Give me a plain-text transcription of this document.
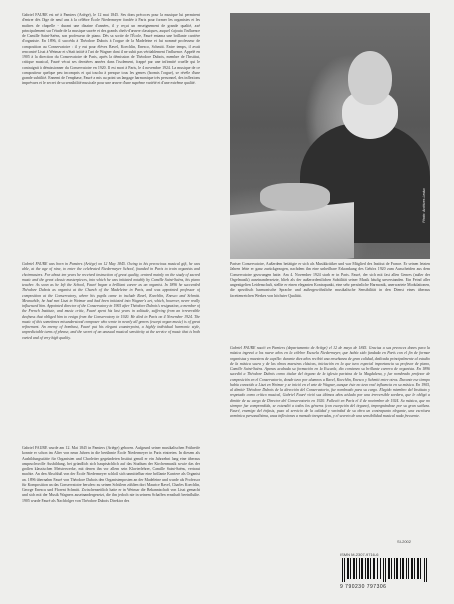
Gabriel FAURÉ est né à Pamiers (Ariège), le 12 mai 1845. Ses dons précoces pour la musique lui permirent d'entrer dès l'âge de neuf ans à la célèbre École Niedermeyer fondée à Paris pour former les organistes et les maîtres de chapelle - durant une dizaine d'années, il y reçut un enseignement de grande qualité, axé principalement sur l'étude de la musique sacrée et des grands chefs-d'œuvre classiques, auquel s'ajouta l'influence de Camille Saint-Saëns, son professeur de piano. Dès sa sortie de l'École, Fauré entama une brillante carrière d'organiste. En 1896, il succéda à Théodore Dubois à l'orgue de la Madeleine et fut nommé professeur de composition au Conservatoire : il y eut pour élèves Ravel, Koechlin, Enesco, Schmitt. Entre temps, il avait rencontré Liszt à Weimar et s'était initié à l'art de Wagner dont il ne subit pas véritablement l'influence. Appelé en 1905 à la direction du Conservatoire de Paris, après la démission de Théodore Dubois, membre de l'Institut, critique musical, Fauré vécut ses dernières années dans l'isolement, frappé par une infirmité cruelle qui le contraignit à démissionner du Conservatoire en 1920. Il est mort à Paris, le 4 novembre 1924. La musique de ce compositeur quelque peu incompris et qui toucha à presque tous les genres (hormis l'orgue), se révèle d'une grande subtilité. Ennemi de l'emphase, Fauré a mis au point un langage harmonique très personnel, des inflexions imprévues et le secret de sa sensibilité musicale pour une œuvre d'une suprême variété et d'une extrême qualité.

Photo: Archives Leduc

Gabriel FAURÉ was born in Pamiers (Ariège) on 12 May 1845. Owing to his precocious musical gift, he was able, at the age of nine, to enter the celebrated Niedermeyer School, founded in Paris to train organists and choirmasters. For about ten years he received instruction of great quality, centred mainly on the study of sacred music and the great classic masterpieces, into which he was initiated notably by Camille Saint-Saëns, his piano teacher. As soon as he left the School, Fauré began a brilliant career as an organist. In 1896 he succeeded Théodore Dubois as organist at the Church of the Madeleine in Paris, and was appointed professor of composition at the Conservatory, where his pupils came to include Ravel, Koechlin, Enesco and Schmitt. Meanwhile, he had met Liszt in Weimar and had been initiated into Wagner's art, which, however, never really influenced him. Appointed director of the Conservatory in 1905 after Théodore Dubois's resignation, a member of the French Institute, and music critic, Fauré spent his last years in solitude, suffering from an irreversible deafness that obliged him to resign from the Conservatory in 1920. He died in Paris on 4 November 1924. The music of this sometimes misunderstood composer who wrote in nearly all genres (except organ music) is of great refinement. An enemy of bombast, Fauré put his elegant counterpoint, a highly individual harmonic style, unpredictable turns of phrase, and the secret of an unusual musical sensitivity at the service of music that is both varied and of very high quality.

Gabriel FAURÉ wurde am 12. Mai 1845 in Pamiers (Ariège) geboren. Aufgrund seiner musikalischen Frühreife konnte er schon im Alter von neun Jahren in die berühmte École Niedermeyer in Paris eintreten. In diesem als Ausbildungsstätte für Organisten und Chorleiter gegründeten Institut genoß er ein Jahrzehnt lang eine überaus anspruchsvolle Ausbildung, bei gründlich sich hauptsächlich auf das Studium der Kirchenmusik sowie das der großen klassischen Meisterwerke, mit denen ihn vor allem sein Klavierlehrer, Camille Saint-Saëns, vertraut machte. An den Abschluß von der École Niedermeyer schloß sich unmittelbar eine brillante Karriere als Organist an. 1896 übernahm Fauré von Théodore Dubois den Organistenposten an der Madeleine und wurde als Professor für Komposition an das Conservatoire berufen: zu seinen Schülern zählten dort Maurice Ravel, Charles Koechlin, George Enescu und Florent Schmitt. Zwischenzeitlich hatte er in Weimar die Bekanntschaft von Liszt gemacht und sich mit der Musik Wagners auseinandergesetzt, die ihn jedoch nie in seinem Schaffen ernsthaft beeinflußte. 1905 wurde Fauré als Nachfolger von Théodore Dubois Direktor des

Pariser Conservatoire, Außerdem betätigte er sich als Musikkritiker und war Mitglied des Institut de France. Er seinen letzten Jahren lebte er ganz zurückgezogen, nachdem ihn eine unheilbare Erkrankung des Gehörs 1920 zum Ausscheiden aus dem Conservatoire gezwungen hatte. Am 4. November 1924 starb er in Paris. Fauré, der sich mit fast allen Genres (außer der Orgelmusik) auseinandersetzte, blieb als der außerordentlichen Subtilität seiner Musik häufig unverstanden. Ein Feind aller ungezügelten Leidenschaft, stellte er einen eleganten Kontrapunkt, eine sehr persönliche Harmonik, unerwartete Modulationen, die spezifisch harmonische Sprache und außergewöhnliche musikalische Sensibilität in den Dienst eines überaus facettenreichen Werkes von höchster Qualität.

Gabriel FAURÉ nació en Pamiers (departamento de Ariège) el 12 de mayo de 1845. Gracias a sus precoces dones para la música ingresó a los nueve años en la célebre Escuela Niedermeyer, que había sido fundada en París con el fin de formar organistas y maestros de capilla: durante diez años recibió una enseñanza de gran calidad, dedicada principalmente al estudio de la música sacra y de las obras maestras clásicas, iniciación en la que tuvo especial importancia su profesor de piano, Camille Saint-Saëns. Apenas acabada su formación en la Escuela, dio comienzo su brillante carrera de organista. En 1896 sucedió a Théodore Dubois como titular del órgano de la iglesia parisina de la Magdalena, y fue nombrado profesor de composición en el Conservatorio, donde tuvo por alumnos a Ravel, Koechlin, Enesco y Schmitt entre otros. Durante ese tiempo había conocido a Liszt en Weimar y se inició en el arte de Wagner, aunque éste no tuvo real influencia en su música. En 1905, al dimitir Théodore Dubois de la dirección del Conservatorio, fue nombrado para su cargo. Elegido miembro del Instituto y respetado como crítico musical, Gabriel Fauré vivió sus últimos años aislado por una irreversible sordera, que le obligó a dimitir de su cargo de Director del Conservatorio en 1920. Falleció en París el 4 de noviembre de 1924. Su música, que no siempre fue comprendida, se extendió a todos los géneros (con excepción del órgano), impregnándose por su gran sutileza. Fauré, enemigo del énfasis, puso al servicio de la calidad y variedad de su obra un contrapunto elegante, una escritura armónica personalísima, unas inflexiones a menudo inesperadas, y el secreto de una sensibilidad musical nada frecuente.

SI-2002
ISMN M-2307-9716-6
9 790230 797306
